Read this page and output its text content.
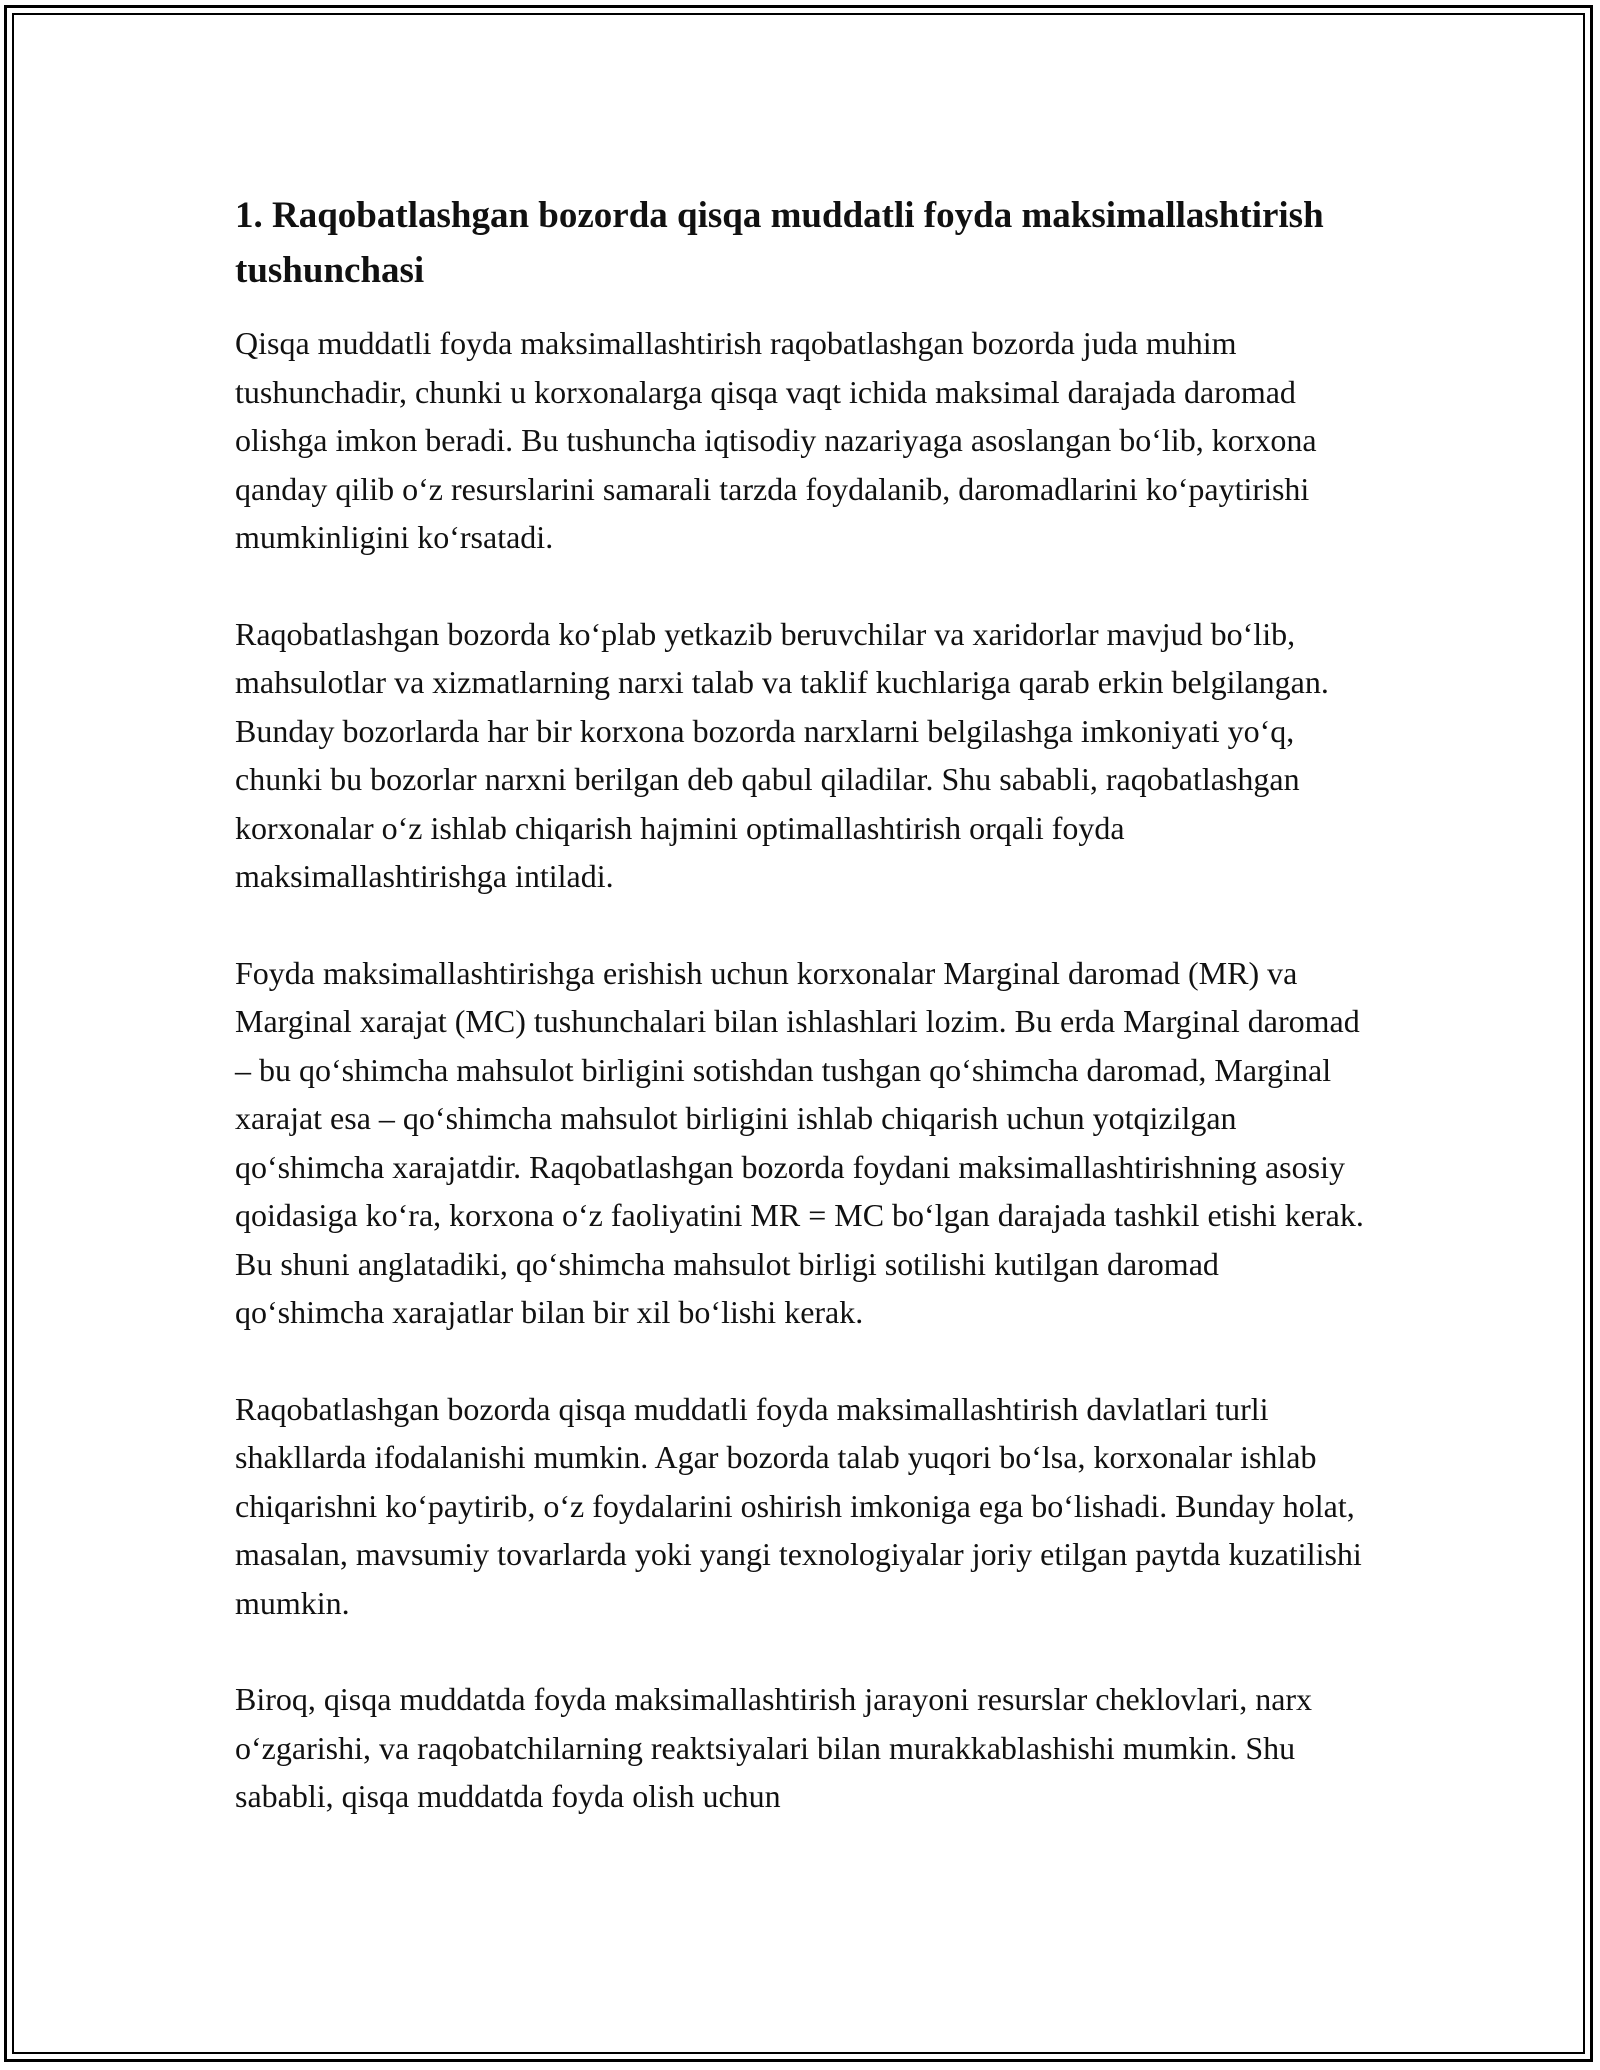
1. Raqobatlashgan bozorda qisqa muddatli foyda maksimallashtirish tushunchasi

Qisqa muddatli foyda maksimallashtirish raqobatlashgan bozorda juda muhim tushunchadir, chunki u korxonalarga qisqa vaqt ichida maksimal darajada daromad olishga imkon beradi. Bu tushuncha iqtisodiy nazariyaga asoslangan bo‘lib, korxona qanday qilib o‘z resurslarini samarali tarzda foydalanib, daromadlarini ko‘paytirishi mumkinligini ko‘rsatadi.

Raqobatlashgan bozorda ko‘plab yetkazib beruvchilar va xaridorlar mavjud bo‘lib, mahsulotlar va xizmatlarning narxi talab va taklif kuchlariga qarab erkin belgilangan. Bunday bozorlarda har bir korxona bozorda narxlarni belgilashga imkoniyati yo‘q, chunki bu bozorlar narxni berilgan deb qabul qiladilar. Shu sababli, raqobatlashgan korxonalar o‘z ishlab chiqarish hajmini optimallashtirish orqali foyda maksimallashtirishga intiladi.

Foyda maksimallashtirishga erishish uchun korxonalar Marginal daromad (MR) va Marginal xarajat (MC) tushunchalari bilan ishlashlari lozim. Bu erda Marginal daromad – bu qo‘shimcha mahsulot birligini sotishdan tushgan qo‘shimcha daromad, Marginal xarajat esa – qo‘shimcha mahsulot birligini ishlab chiqarish uchun yotqizilgan qo‘shimcha xarajatdir. Raqobatlashgan bozorda foydani maksimallashtirishning asosiy qoidasiga ko‘ra, korxona o‘z faoliyatini MR = MC bo‘lgan darajada tashkil etishi kerak. Bu shuni anglatadiki, qo‘shimcha mahsulot birligi sotilishi kutilgan daromad qo‘shimcha xarajatlar bilan bir xil bo‘lishi kerak.

Raqobatlashgan bozorda qisqa muddatli foyda maksimallashtirish davlatlari turli shakllarda ifodalanishi mumkin. Agar bozorda talab yuqori bo‘lsa, korxonalar ishlab chiqarishni ko‘paytirib, o‘z foydalarini oshirish imkoniga ega bo‘lishadi. Bunday holat, masalan, mavsumiy tovarlarda yoki yangi texnologiyalar joriy etilgan paytda kuzatilishi mumkin.

Biroq, qisqa muddatda foyda maksimallashtirish jarayoni resurslar cheklovlari, narx o‘zgarishi, va raqobatchilarning reaktsiyalari bilan murakkablashishi mumkin. Shu sababli, qisqa muddatda foyda olish uchun
